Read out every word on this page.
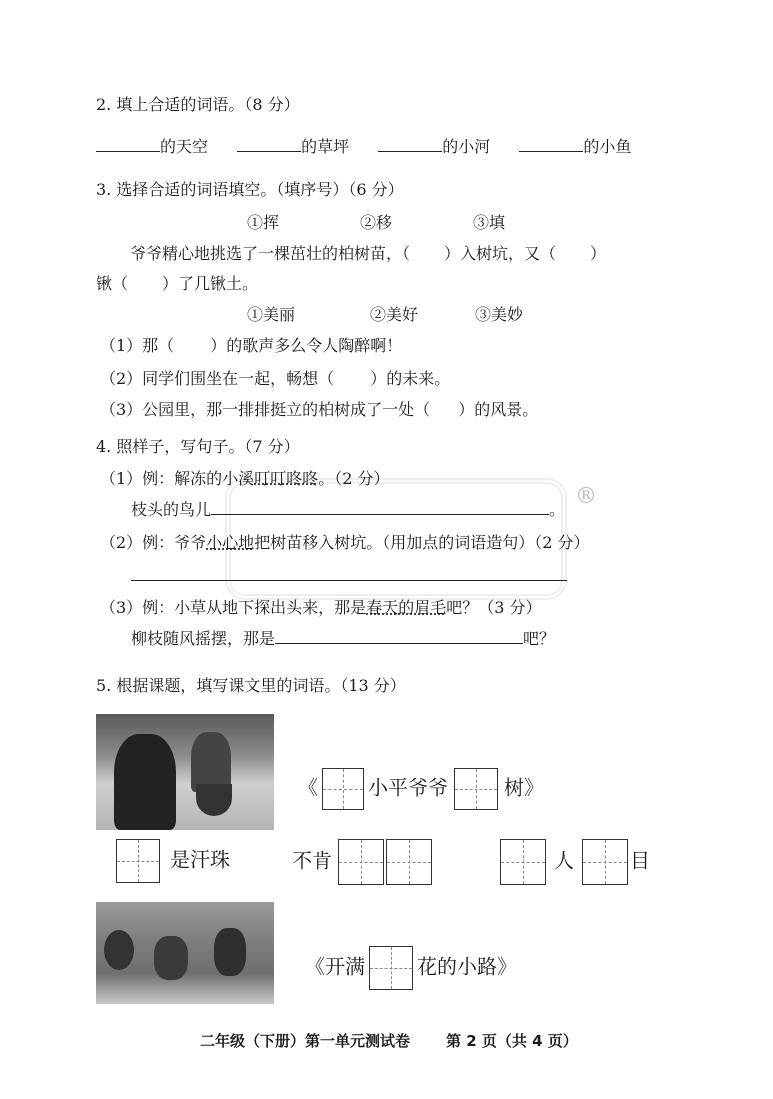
®
2. 填上合适的词语。（8 分）
的天空	的草坪	的小河	的小鱼
3. 选择合适的词语填空。（填序号）（6 分）
①挥	②移	③填
爷爷精心地挑选了一棵茁壮的柏树苗，（ ）入树坑，又（ ）
锹（ ）了几锹土。
①美丽	②美好	③美妙
（1）那（ ）的歌声多么令人陶醉啊！
（2）同学们围坐在一起，畅想（ ）的未来。
（3）公园里，那一排排挺立的柏树成了一处（ ）的风景。
4. 照样子，写句子。（7 分）
（1）例：解冻的小溪叮叮咚咚。（2 分）
枝头的鸟儿	。
（2）例：爷爷小心地把树苗移入树坑。（用加点的词语造句）（2 分）
（3）例：小草从地下探出头来，那是春天的眉毛吧？（3 分）
柳枝随风摇摆，那是	吧？
5. 根据课题，填写课文里的词语。（13 分）
《	小平爷爷	树》
是汗珠	不肯	人	目
《开满	花的小路》
二年级（下册）第一单元测试卷 第 2 页（共 4 页）
